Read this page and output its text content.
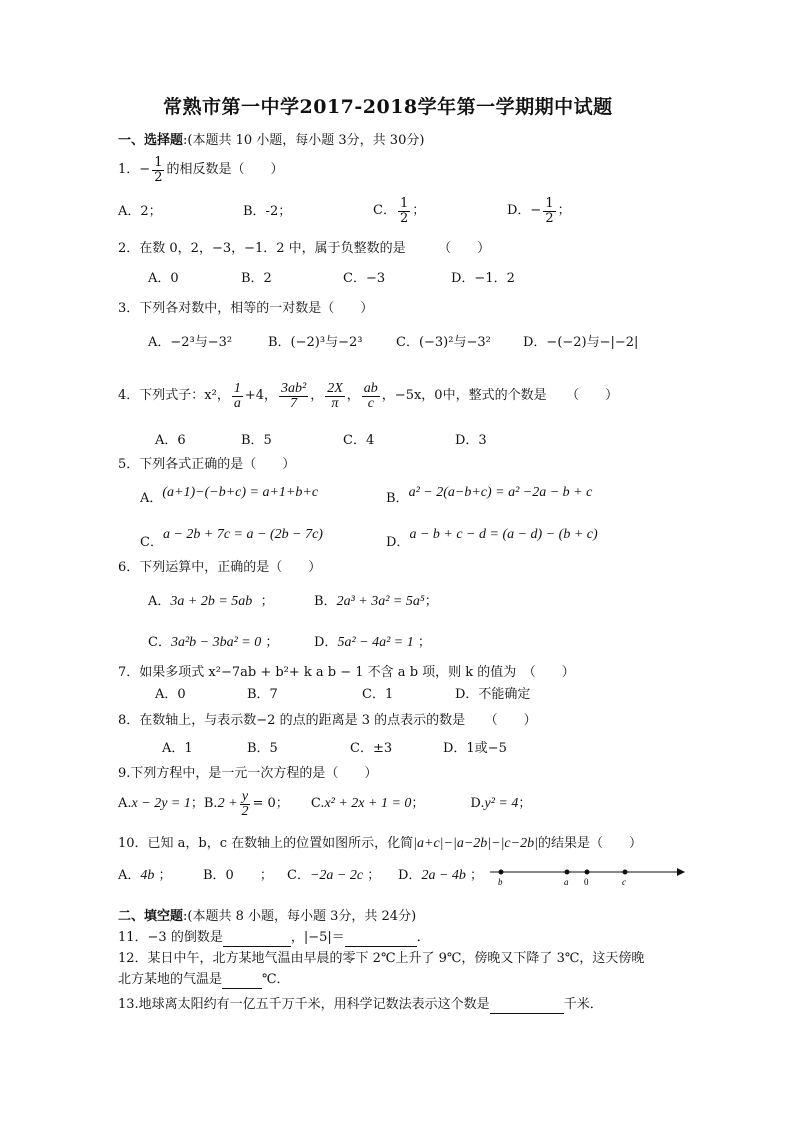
常熟市第一中学2017-2018学年第一学期期中试题
一、选择题:(本题共 10 小题，每小题 3分，共 30分)
1． − $\frac{1}{2}$ 的相反数是（　　）
A．2；	B．-2；	C． $\frac{1}{2}$ ；	D．− $\frac{1}{2}$ ；
2．在数 0，2，−3，−1．2 中，属于负整数的是　　　（　　）
A．0	B．2	C．−3	D．−1．2
3．下列各对数中，相等的一对数是（　　）
A．−2³与−3²	B．(−2)³与−2³	C．(−3)²与−3² D．−(−2)与−|−2|
4．下列式子：x²， $\frac{1}{a} +4$， $\frac{\text{3ab²}}{7}$ ， $\frac{2X}{\pi}$ ， $\frac{ab}{c}$ ，−5x，0中，整式的个数是　　（　　）
A．6	B．5	C．4	D．3
5．下列各式正确的是（　　）
A．(a+1)−(−b+c) = a+1+b+c	B．a² − 2(a−b+c) = a² −2a − b + c
C．a − 2b + 7c = a − (2b − 7c)
D．a − b + c − d = (a − d) − (b + c)
6．下列运算中，正确的是（　　）
A．3a + 2b = 5ab ；	B．2a³ + 3a² = 5a⁵；
C．3a²b − 3ba² = 0 ；	D．5a² − 4a² = 1 ；
7．如果多项式 x²−7ab + b²+ k a b − 1 不含 a b 项，则 k 的值为　（　　）
A．0	B．7	C．1	D．不能确定
8．在数轴上，与表示数−2 的点的距离是 3 的点表示的数是　　（　　）
A．1	B．5	C．±3	D．1或−5
9.下列方程中，是一元一次方程的是（　　）
A. x − 2y = 1 ； B. $2 + \frac{y}{2} = 0$； C. x² + 2x + 1 = 0 ；	D. y² = 4 ；
10．已知 a，b，c 在数轴上的位置如图所示，化简|a+c|−|a−2b|−|c−2b|的结果是（　　）
A．4b ； B．0　　； C．−2a − 2c ； D．2a − 4b ； b	a 0	c
二、填空题:(本题共 8 小题，每小题 3分，共 24分)
11．−3 的倒数是	，|−5|＝	．
12．某日中午，北方某地气温由早晨的零下 2℃上升了 9℃，傍晚又下降了 3℃，这天傍晚
北方某地的气温是	℃．
13.地球离太阳约有一亿五千万千米，用科学记数法表示这个数是	千米．
